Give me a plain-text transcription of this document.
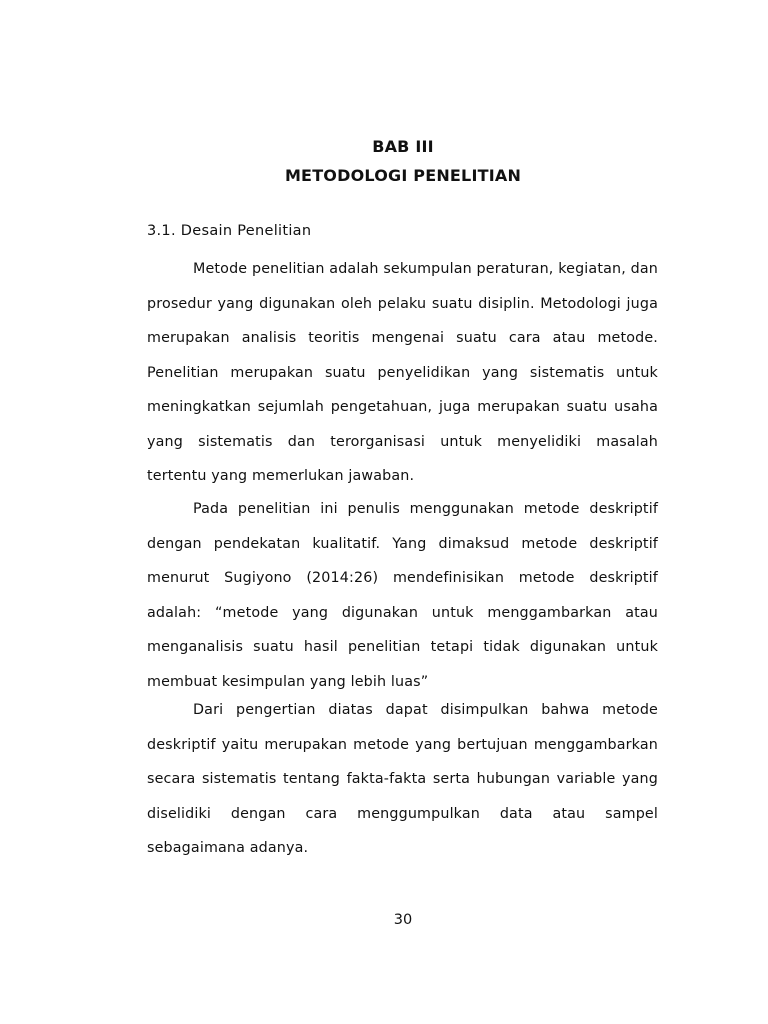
BAB III
METODOLOGI PENELITIAN
3.1. Desain Penelitian

Metode penelitian adalah sekumpulan peraturan, kegiatan, dan prosedur yang digunakan oleh pelaku suatu disiplin. Metodologi juga merupakan analisis teoritis mengenai suatu cara atau metode. Penelitian merupakan suatu penyelidikan yang sistematis untuk meningkatkan sejumlah pengetahuan, juga merupakan suatu usaha yang sistematis dan terorganisasi untuk menyelidiki masalah tertentu yang memerlukan jawaban.

Pada penelitian ini penulis menggunakan metode deskriptif dengan pendekatan kualitatif. Yang dimaksud metode deskriptif menurut Sugiyono (2014:26) mendefinisikan metode deskriptif adalah: “metode yang digunakan untuk menggambarkan atau menganalisis suatu hasil penelitian tetapi tidak digunakan untuk membuat kesimpulan yang lebih luas”

Dari pengertian diatas dapat disimpulkan bahwa metode deskriptif yaitu merupakan metode yang bertujuan menggambarkan secara sistematis tentang fakta-fakta serta hubungan variable yang diselidiki dengan cara menggumpulkan data atau sampel sebagaimana adanya.

30
